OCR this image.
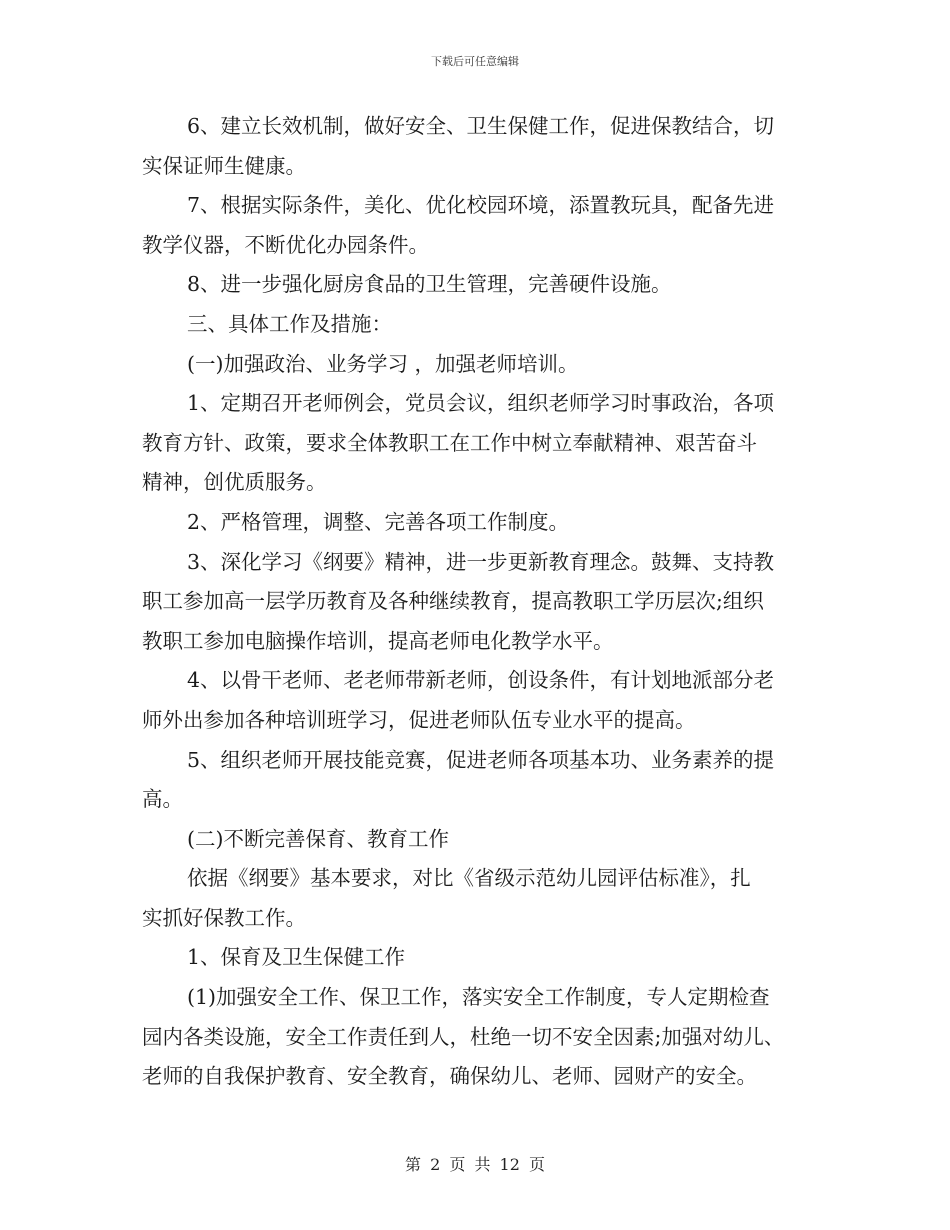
下载后可任意编辑
6、建立长效机制，做好安全、卫生保健工作，促进保教结合，切
实保证师生健康。
7、根据实际条件，美化、优化校园环境，添置教玩具，配备先进
教学仪器，不断优化办园条件。
8、进一步强化厨房食品的卫生管理，完善硬件设施。
三、具体工作及措施：
(一)加强政治、业务学习 ，加强老师培训。
1、定期召开老师例会，党员会议，组织老师学习时事政治，各项
教育方针、政策，要求全体教职工在工作中树立奉献精神、艰苦奋斗
精神，创优质服务。
2、严格管理，调整、完善各项工作制度。
3、深化学习《纲要》精神，进一步更新教育理念。鼓舞、支持教
职工参加高一层学历教育及各种继续教育，提高教职工学历层次;组织
教职工参加电脑操作培训，提高老师电化教学水平。
4、以骨干老师、老老师带新老师，创设条件，有计划地派部分老
师外出参加各种培训班学习，促进老师队伍专业水平的提高。
5、组织老师开展技能竞赛，促进老师各项基本功、业务素养的提
高。
(二)不断完善保育、教育工作
依据《纲要》基本要求，对比《省级示范幼儿园评估标准》，扎
实抓好保教工作。
1、保育及卫生保健工作
(1)加强安全工作、保卫工作，落实安全工作制度，专人定期检查
园内各类设施，安全工作责任到人，杜绝一切不安全因素;加强对幼儿、
老师的自我保护教育、安全教育，确保幼儿、老师、园财产的安全。
第 2 页 共 12 页
